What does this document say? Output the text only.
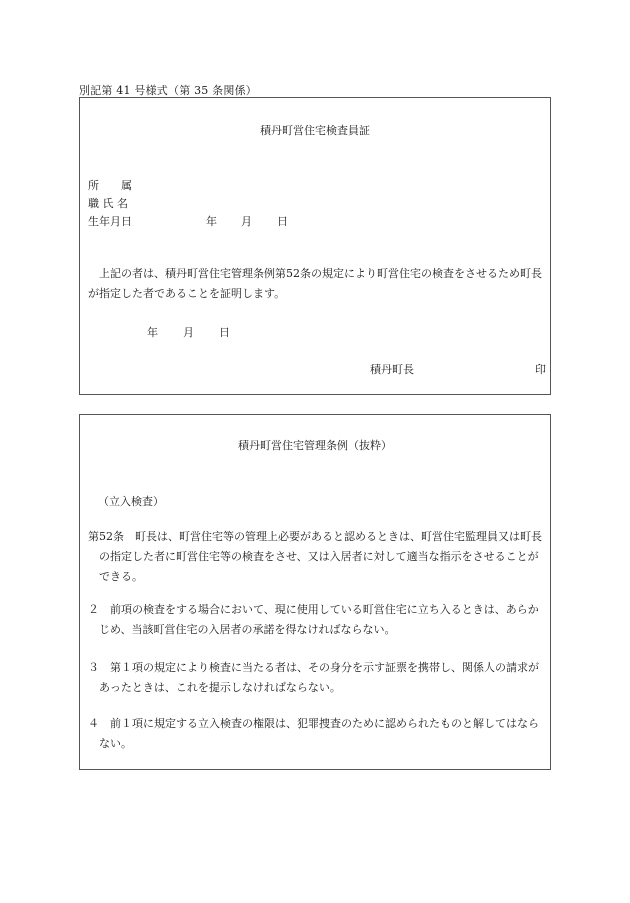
別記第 41 号様式（第 35 条関係）
積丹町営住宅検査員証
所　　属
職 氏 名
生年月日	年 月 日
上記の者は、積丹町営住宅管理条例第52条の規定により町営住宅の検査をさせるため町長が指定した者であることを証明します。
年 月 日
積丹町長	印
積丹町営住宅管理条例（抜粋）
（立入検査）
第52条　町長は、町営住宅等の管理上必要があると認めるときは、町営住宅監理員又は町長の指定した者に町営住宅等の検査をさせ、又は入居者に対して適当な指示をさせることができる。
２　前項の検査をする場合において、現に使用している町営住宅に立ち入るときは、あらかじめ、当該町営住宅の入居者の承諾を得なければならない。
３　第１項の規定により検査に当たる者は、その身分を示す証票を携帯し、関係人の請求があったときは、これを提示しなければならない。
４　前１項に規定する立入検査の権限は、犯罪捜査のために認められたものと解してはならない。
